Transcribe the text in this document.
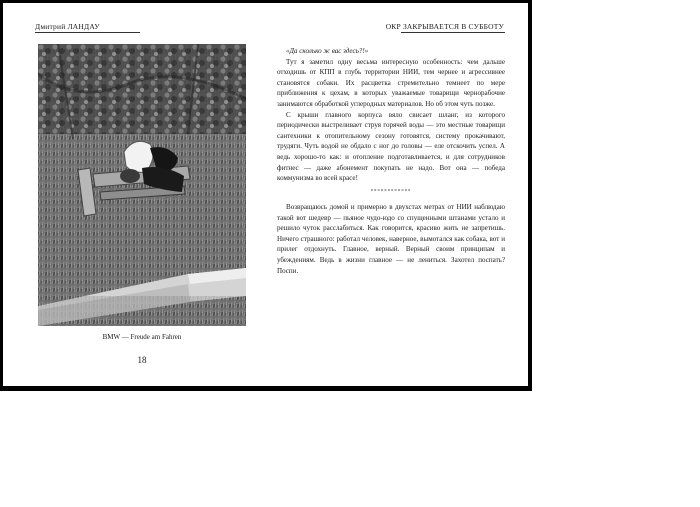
Дмитрий ЛАНДАУ	ОКР ЗАКРЫВАЕТСЯ В СУББОТУ
BMW — Freude am Fahren
18

«Да сколько ж вас здесь?!»

Тут я заметил одну весьма интересную особенность: чем дальше отходишь от КПП в глубь территории НИИ, тем чернее и агрессивнее становятся собаки. Их расцветка стремительно темнеет по мере приближения к цехам, в которых уважаемые товарищи чернорабочие занимаются обработкой углеродных материалов. Но об этом чуть позже.

С крыши главного корпуса вяло свисает шланг, из которого периодически выстреливает струя горячей воды — это местные товарищи сантехники к отопительному сезону готовятся, систему прокачивают, трудяги. Чуть водой не обдало с ног до головы — еле отскочить успел. А ведь хорошо-то как: и отопление подготавливается, и для сотрудников фитнес — даже абонемент покупать не надо. Вот она — победа коммунизма во всей красе!

°°°°°°°°°°°°

Возвращаюсь домой и примерно в двухстах метрах от НИИ наблюдаю такой вот шедевр — пьяное чудо-юдо со спущенными штанами устало и решило чуток расслабиться. Как говорится, красиво жить не запретишь. Ничего страшного: работал человек, наверное, вымотался как собака, вот и прилег отдохнуть. Главное, верный. Верный своим принципам и убеждениям. Ведь в жизни главное — не лениться. Захотел поспать? Поспи.
